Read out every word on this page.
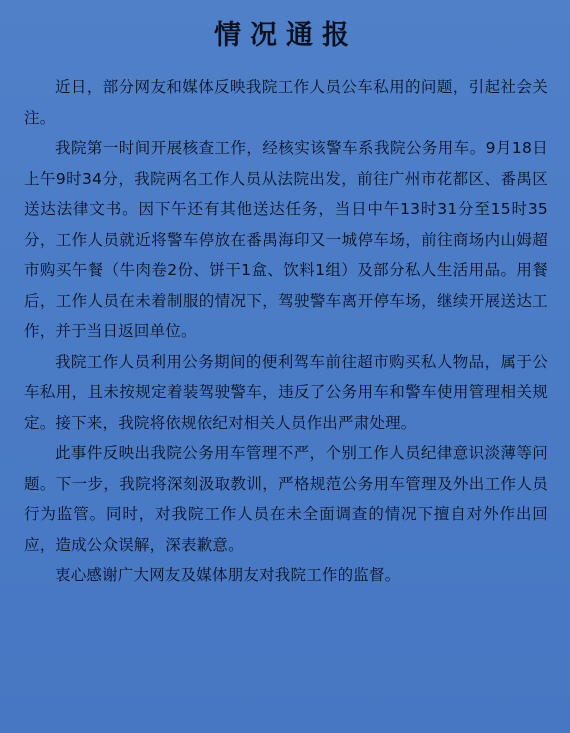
情况通报

近日，部分网友和媒体反映我院工作人员公车私用的问题，引起社会关注。

我院第一时间开展核查工作，经核实该警车系我院公务用车。9月18日上午9时34分，我院两名工作人员从法院出发，前往广州市花都区、番禺区送达法律文书。因下午还有其他送达任务，当日中午13时31分至15时35分，工作人员就近将警车停放在番禺海印又一城停车场，前往商场内山姆超市购买午餐（牛肉卷2份、饼干1盒、饮料1组）及部分私人生活用品。用餐后，工作人员在未着制服的情况下，驾驶警车离开停车场，继续开展送达工作，并于当日返回单位。

我院工作人员利用公务期间的便利驾车前往超市购买私人物品，属于公车私用，且未按规定着装驾驶警车，违反了公务用车和警车使用管理相关规定。接下来，我院将依规依纪对相关人员作出严肃处理。

此事件反映出我院公务用车管理不严，个别工作人员纪律意识淡薄等问题。下一步，我院将深刻汲取教训，严格规范公务用车管理及外出工作人员行为监管。同时，对我院工作人员在未全面调查的情况下擅自对外作出回应，造成公众误解，深表歉意。

衷心感谢广大网友及媒体朋友对我院工作的监督。
